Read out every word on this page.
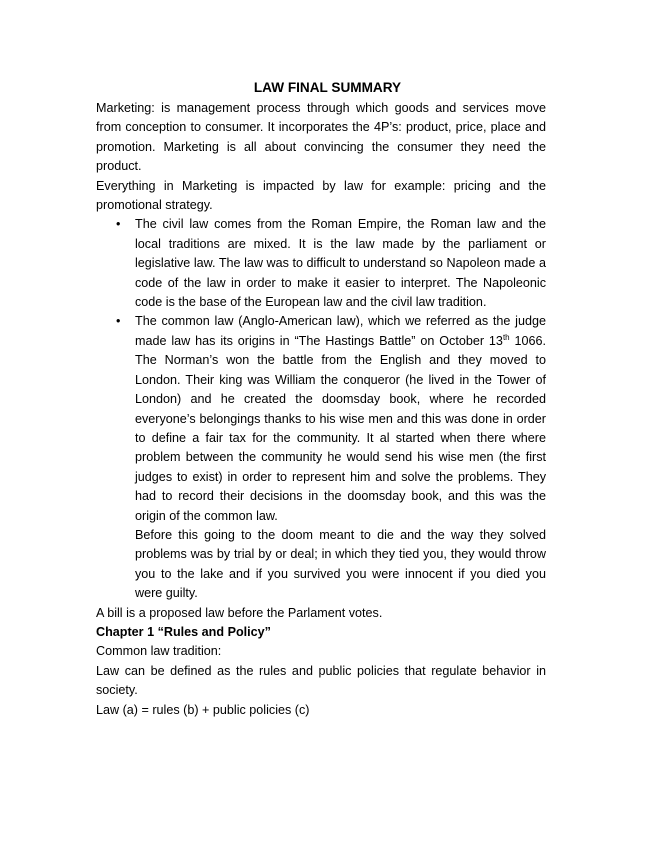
LAW FINAL SUMMARY

Marketing: is management process through which goods and services move from conception to consumer. It incorporates the 4P’s: product, price, place and promotion. Marketing is all about convincing the consumer they need the product.

Everything in Marketing is impacted by law for example: pricing and the promotional strategy.

• The civil law comes from the Roman Empire, the Roman law and the local traditions are mixed. It is the law made by the parliament or legislative law. The law was to difficult to understand so Napoleon made a code of the law in order to make it easier to interpret. The Napoleonic code is the base of the European law and the civil law tradition.

• The common law (Anglo-American law), which we referred as the judge made law has its origins in “The Hastings Battle” on October 13th 1066. The Norman’s won the battle from the English and they moved to London. Their king was William the conqueror (he lived in the Tower of London) and he created the doomsday book, where he recorded everyone’s belongings thanks to his wise men and this was done in order to define a fair tax for the community. It al started when there where problem between the community he would send his wise men (the first judges to exist) in order to represent him and solve the problems. They had to record their decisions in the doomsday book, and this was the origin of the common law.

Before this going to the doom meant to die and the way they solved problems was by trial by or deal; in which they tied you, they would throw you to the lake and if you survived you were innocent if you died you were guilty.

A bill is a proposed law before the Parlament votes.

Chapter 1 “Rules and Policy”

Common law tradition:

Law can be defined as the rules and public policies that regulate behavior in society.

Law (a) = rules (b) + public policies (c)
